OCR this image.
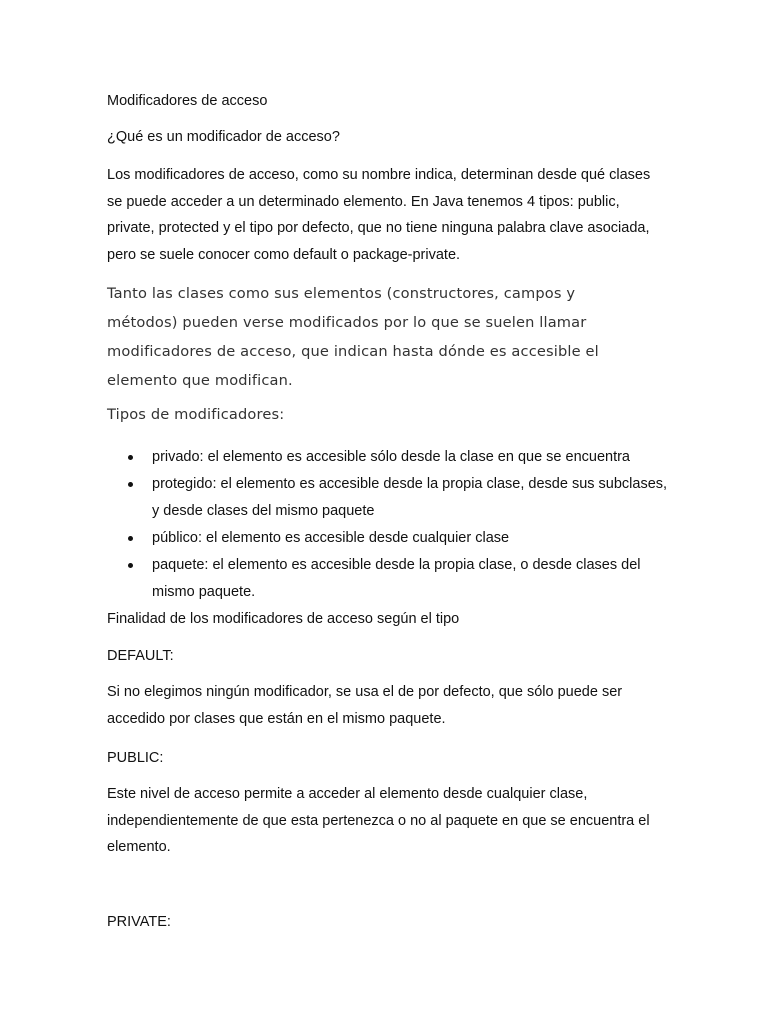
Modificadores de acceso
¿Qué es un modificador de acceso?

Los modificadores de acceso, como su nombre indica, determinan desde qué clases se puede acceder a un determinado elemento. En Java tenemos 4 tipos: public, private, protected y el tipo por defecto, que no tiene ninguna palabra clave asociada, pero se suele conocer como default o package-private.

Tanto las clases como sus elementos (constructores, campos y métodos) pueden verse modificados por lo que se suelen llamar modificadores de acceso, que indican hasta dónde es accesible el elemento que modifican.

Tipos de modificadores:
privado: el elemento es accesible sólo desde la clase en que se encuentra
protegido: el elemento es accesible desde la propia clase, desde sus subclases, y desde clases del mismo paquete
público: el elemento es accesible desde cualquier clase
paquete: el elemento es accesible desde la propia clase, o desde clases del mismo paquete.
Finalidad de los modificadores de acceso según el tipo
DEFAULT:

Si no elegimos ningún modificador, se usa el de por defecto, que sólo puede ser accedido por clases que están en el mismo paquete.

PUBLIC:

Este nivel de acceso permite a acceder al elemento desde cualquier clase, independientemente de que esta pertenezca o no al paquete en que se encuentra el elemento.

PRIVATE:
